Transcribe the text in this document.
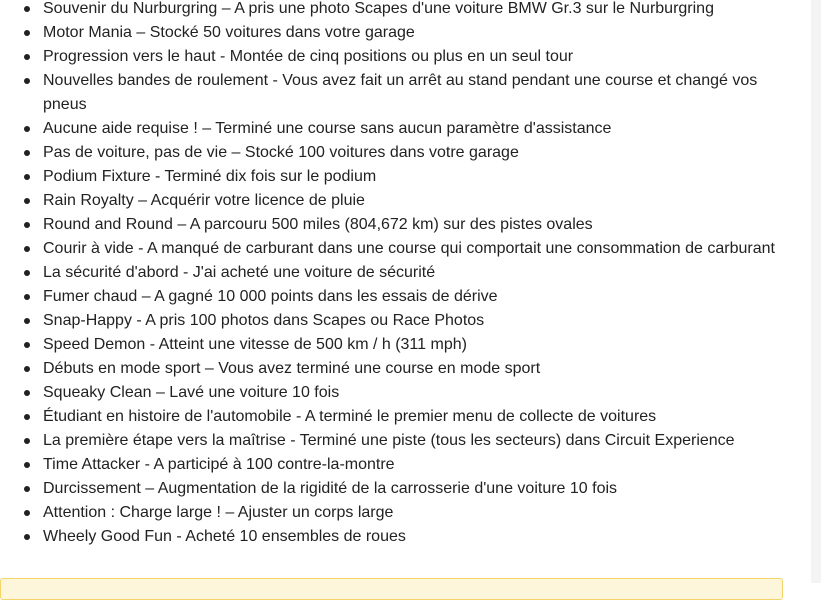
Souvenir du Nurburgring – A pris une photo Scapes d'une voiture BMW Gr.3 sur le Nurburgring
Motor Mania – Stocké 50 voitures dans votre garage
Progression vers le haut - Montée de cinq positions ou plus en un seul tour
Nouvelles bandes de roulement - Vous avez fait un arrêt au stand pendant une course et changé vos pneus
Aucune aide requise ! – Terminé une course sans aucun paramètre d'assistance
Pas de voiture, pas de vie – Stocké 100 voitures dans votre garage
Podium Fixture - Terminé dix fois sur le podium
Rain Royalty – Acquérir votre licence de pluie
Round and Round – A parcouru 500 miles (804,672 km) sur des pistes ovales
Courir à vide - A manqué de carburant dans une course qui comportait une consommation de carburant
La sécurité d'abord - J'ai acheté une voiture de sécurité
Fumer chaud – A gagné 10 000 points dans les essais de dérive
Snap-Happy - A pris 100 photos dans Scapes ou Race Photos
Speed Demon - Atteint une vitesse de 500 km / h (311 mph)
Débuts en mode sport – Vous avez terminé une course en mode sport
Squeaky Clean – Lavé une voiture 10 fois
Étudiant en histoire de l'automobile - A terminé le premier menu de collecte de voitures
La première étape vers la maîtrise - Terminé une piste (tous les secteurs) dans Circuit Experience
Time Attacker - A participé à 100 contre-la-montre
Durcissement – Augmentation de la rigidité de la carrosserie d'une voiture 10 fois
Attention : Charge large ! – Ajuster un corps large
Wheely Good Fun - Acheté 10 ensembles de roues
